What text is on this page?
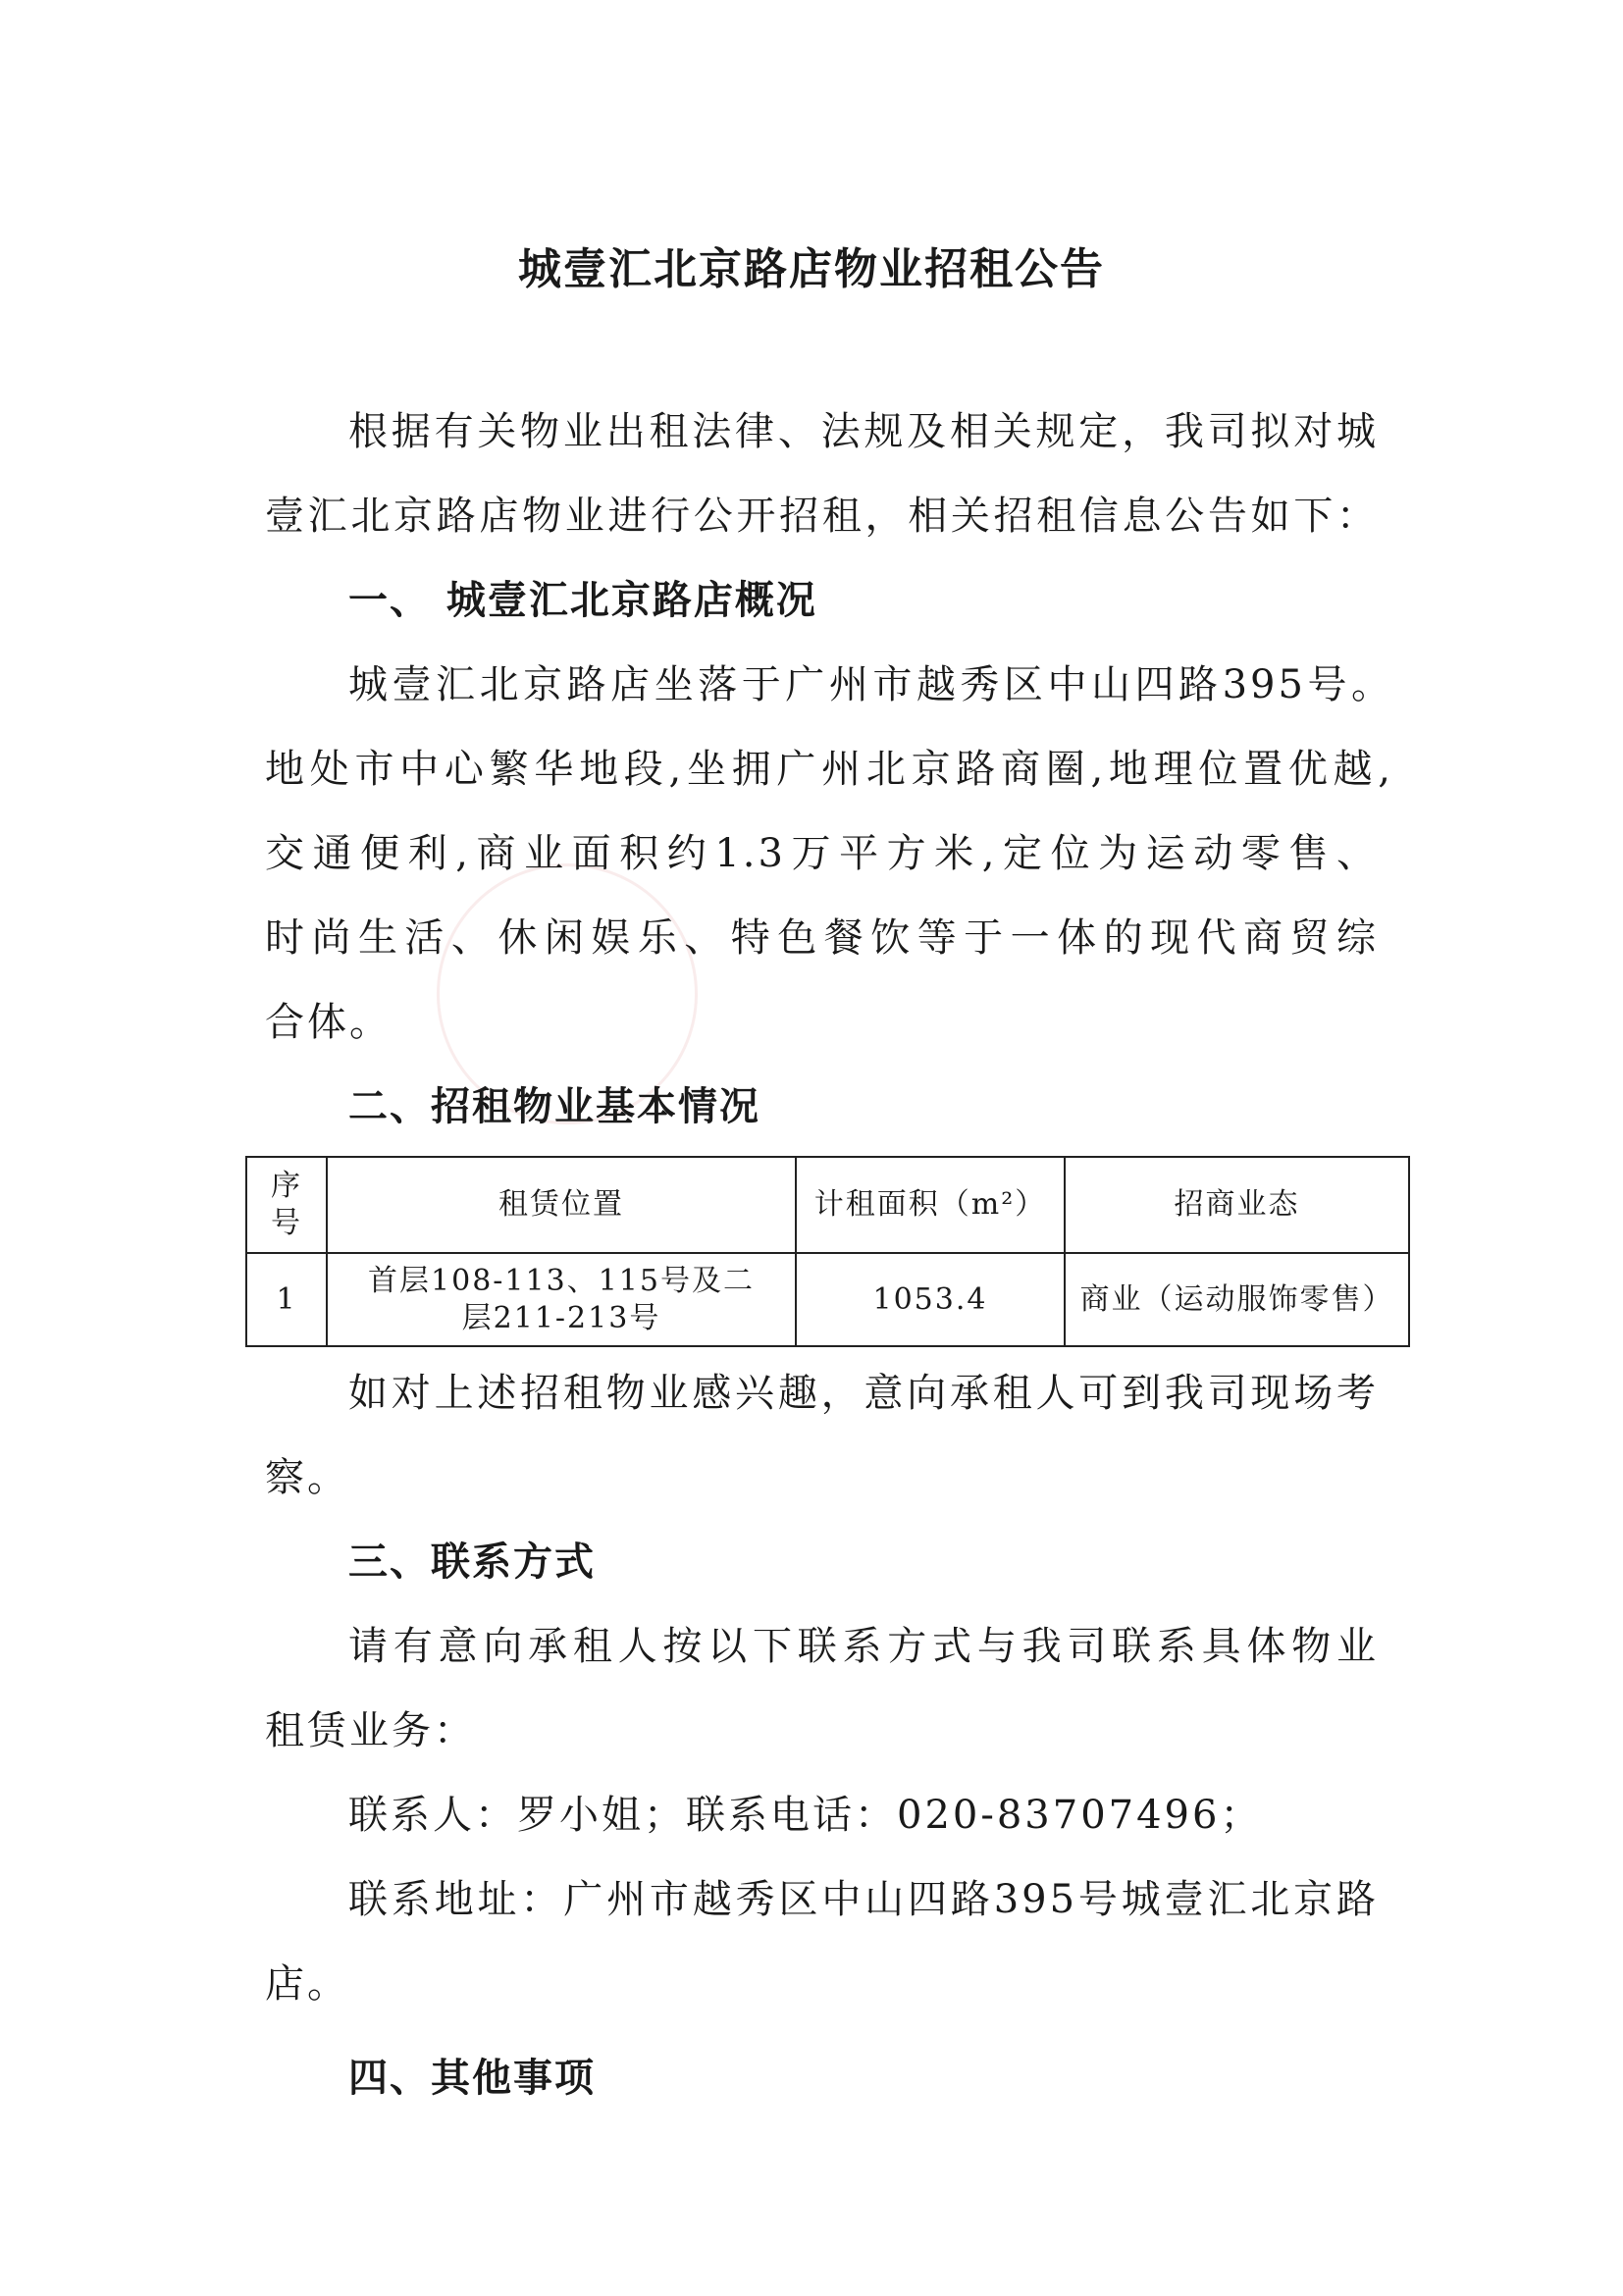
城壹汇北京路店物业招租公告
根据有关物业出租法律、法规及相关规定，我司拟对城
壹汇北京路店物业进行公开招租，相关招租信息公告如下：
一、 城壹汇北京路店概况
城壹汇北京路店坐落于广州市越秀区中山四路395号。
地处市中心繁华地段,坐拥广州北京路商圈,地理位置优越,
交通便利,商业面积约1.3万平方米,定位为运动零售、
时尚生活、休闲娱乐、特色餐饮等于一体的现代商贸综
合体。
二、招租物业基本情况
序号	租赁位置	计租面积（m²）	招商业态
1	首层108-113、115号及二层211-213号	1053.4	商业（运动服饰零售）
如对上述招租物业感兴趣，意向承租人可到我司现场考
察。
三、联系方式
请有意向承租人按以下联系方式与我司联系具体物业
租赁业务：
联系人：罗小姐；联系电话：020-83707496；
联系地址：广州市越秀区中山四路395号城壹汇北京路
店。
四、其他事项
